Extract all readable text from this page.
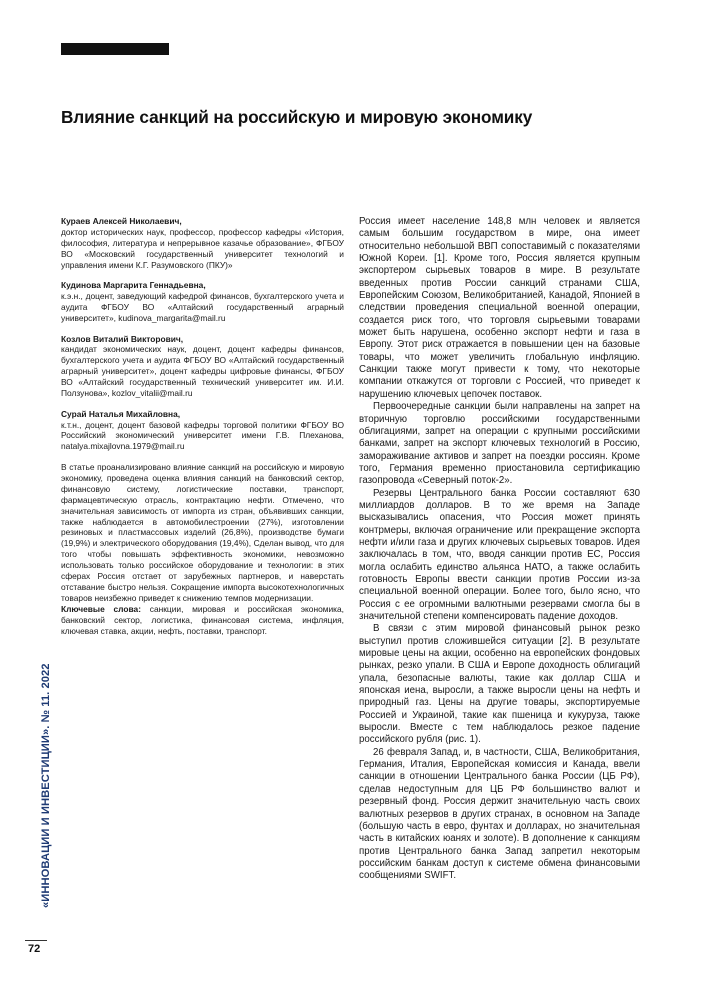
Влияние санкций на российскую и мировую экономику
Кураев Алексей Николаевич,
доктор исторических наук, профессор, профессор кафедры «История, философия, литература и непрерывное казачье образование», ФГБОУ ВО «Московский государственный университет технологий и управления имени К.Г. Разумовского (ПКУ)»
Кудинова Маргарита Геннадьевна,
к.э.н., доцент, заведующий кафедрой финансов, бухгалтерского учета и аудита ФГБОУ ВО «Алтайский государственный аграрный университет», kudinova_margarita@mail.ru
Козлов Виталий Викторович,
кандидат экономических наук, доцент, доцент кафедры финансов, бухгалтерского учета и аудита ФГБОУ ВО «Алтайский государственный аграрный университет», доцент кафедры цифровые финансы, ФГБОУ ВО «Алтайский государственный технический университет им. И.И. Ползунова», kozlov_vitalii@mail.ru
Сурай Наталья Михайловна,
к.т.н., доцент, доцент базовой кафедры торговой политики ФГБОУ ВО Российский экономический университет имени Г.В. Плеханова, natalya.mixajlovna.1979@mail.ru

В статье проанализировано влияние санкций на российскую и мировую экономику, проведена оценка влияния санкций на банковский сектор, финансовую систему, логистические поставки, транспорт, фармацевтическую отрасль, контрактацию нефти. Отмечено, что значительная зависимость от импорта из стран, объявивших санкции, также наблюдается в автомобилестроении (27%), изготовлении резиновых и пластмассовых изделий (26,8%), производстве бумаги (19,9%) и электрического оборудования (19,4%), Сделан вывод, что для того чтобы повышать эффективность экономики, невозможно использовать только российское оборудование и технологии: в этих сферах Россия отстает от зарубежных партнеров, и наверстать отставание быстро нельзя. Сокращение импорта высокотехнологичных товаров неизбежно приведет к снижению темпов модернизации.

Ключевые слова: санкции, мировая и российская экономика, банковский сектор, логистика, финансовая система, инфляция, ключевая ставка, акции, нефть, поставки, транспорт.

Россия имеет население 148,8 млн человек и является самым большим государством в мире, она имеет относительно небольшой ВВП сопоставимый с показателями Южной Кореи. [1]. Кроме того, Россия является крупным экспортером сырьевых товаров в мире. В результате введенных против России санкций странами США, Европейским Союзом, Великобританией, Канадой, Японией в следствии проведения специальной военной операции, создается риск того, что торговля сырьевыми товарами может быть нарушена, особенно экспорт нефти и газа в Европу. Этот риск отражается в повышении цен на базовые товары, что может увеличить глобальную инфляцию. Санкции также могут привести к тому, что некоторые компании откажутся от торговли с Россией, что приведет к нарушению ключевых цепочек поставок.

Первоочередные санкции были направлены на запрет на вторичную торговлю российскими государственными облигациями, запрет на операции с крупными российскими банками, запрет на экспорт ключевых технологий в Россию, замораживание активов и запрет на поездки россиян. Кроме того, Германия временно приостановила сертификацию газопровода «Северный поток-2».

Резервы Центрального банка России составляют 630 миллиардов долларов. В то же время на Западе высказывались опасения, что Россия может принять контрмеры, включая ограничение или прекращение экспорта нефти и/или газа и других ключевых сырьевых товаров. Идея заключалась в том, что, вводя санкции против ЕС, Россия могла ослабить единство альянса НАТО, а также ослабить готовность Европы ввести санкции против России из-за специальной военной операции. Более того, было ясно, что Россия с ее огромными валютными резервами смогла бы в значительной степени компенсировать падение доходов.

В связи с этим мировой финансовый рынок резко выступил против сложившейся ситуации [2]. В результате мировые цены на акции, особенно на европейских фондовых рынках, резко упали. В США и Европе доходность облигаций упала, безопасные валюты, такие как доллар США и японская иена, выросли, а также выросли цены на нефть и природный газ. Цены на другие товары, экспортируемые Россией и Украиной, такие как пшеница и кукуруза, также выросли. Вместе с тем наблюдалось резкое падение российского рубля (рис. 1).

26 февраля Запад, и, в частности, США, Великобритания, Германия, Италия, Европейская комиссия и Канада, ввели санкции в отношении Центрального банка России (ЦБ РФ), сделав недоступным для ЦБ РФ большинство валют и резервный фонд. Россия держит значительную часть своих валютных резервов в других странах, в основном на Западе (большую часть в евро, фунтах и долларах, но значительная часть в китайских юанях и золоте). В дополнение к санкциям против Центрального банка Запад запретил некоторым российским банкам доступ к системе обмена финансовыми сообщениями SWIFT.

«ИННОВАЦИИ И ИНВЕСТИЦИИ». № 11. 2022
72
